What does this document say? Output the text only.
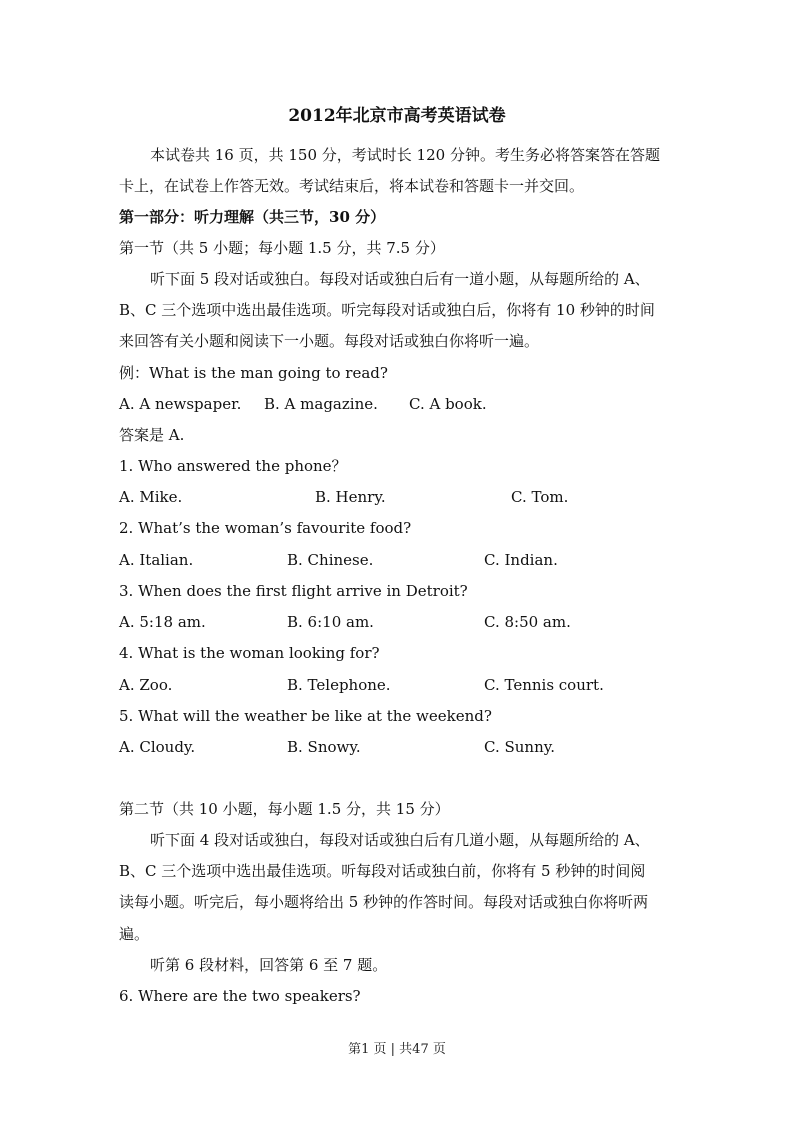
2012年北京市高考英语试卷
本试卷共 16 页，共 150 分，考试时长 120 分钟。考生务必将答案答在答题
卡上，在试卷上作答无效。考试结束后，将本试卷和答题卡一并交回。
第一部分：听力理解（共三节，30 分）
第一节（共 5 小题；每小题 1.5 分，共 7.5 分）
听下面 5 段对话或独白。每段对话或独白后有一道小题，从每题所给的 A、
B、C 三个选项中选出最佳选项。听完每段对话或独白后，你将有 10 秒钟的时间
来回答有关小题和阅读下一小题。每段对话或独白你将听一遍。
例：What is the man going to read?
A. A newspaper. B. A magazine. C. A book.
答案是 A.
1. Who answered the phone？
A. Mike.	B. Henry.	C. Tom.
2. What’s the woman’s favourite food?
A. Italian.	B. Chinese.	C. Indian.
3. When does the first flight arrive in Detroit?
A. 5:18 am.	B. 6:10 am.	C. 8:50 am.
4. What is the woman looking for?
A. Zoo.	B. Telephone.	C. Tennis court.
5. What will the weather be like at the weekend?
A. Cloudy.	B. Snowy.	C. Sunny.
第二节（共 10 小题，每小题 1.5 分，共 15 分）
听下面 4 段对话或独白，每段对话或独白后有几道小题，从每题所给的 A、
B、C 三个选项中选出最佳选项。听每段对话或独白前，你将有 5 秒钟的时间阅
读每小题。听完后，每小题将给出 5 秒钟的作答时间。每段对话或独白你将听两
遍。
听第 6 段材料，回答第 6 至 7 题。
6. Where are the two speakers?
第1 页 | 共47 页
